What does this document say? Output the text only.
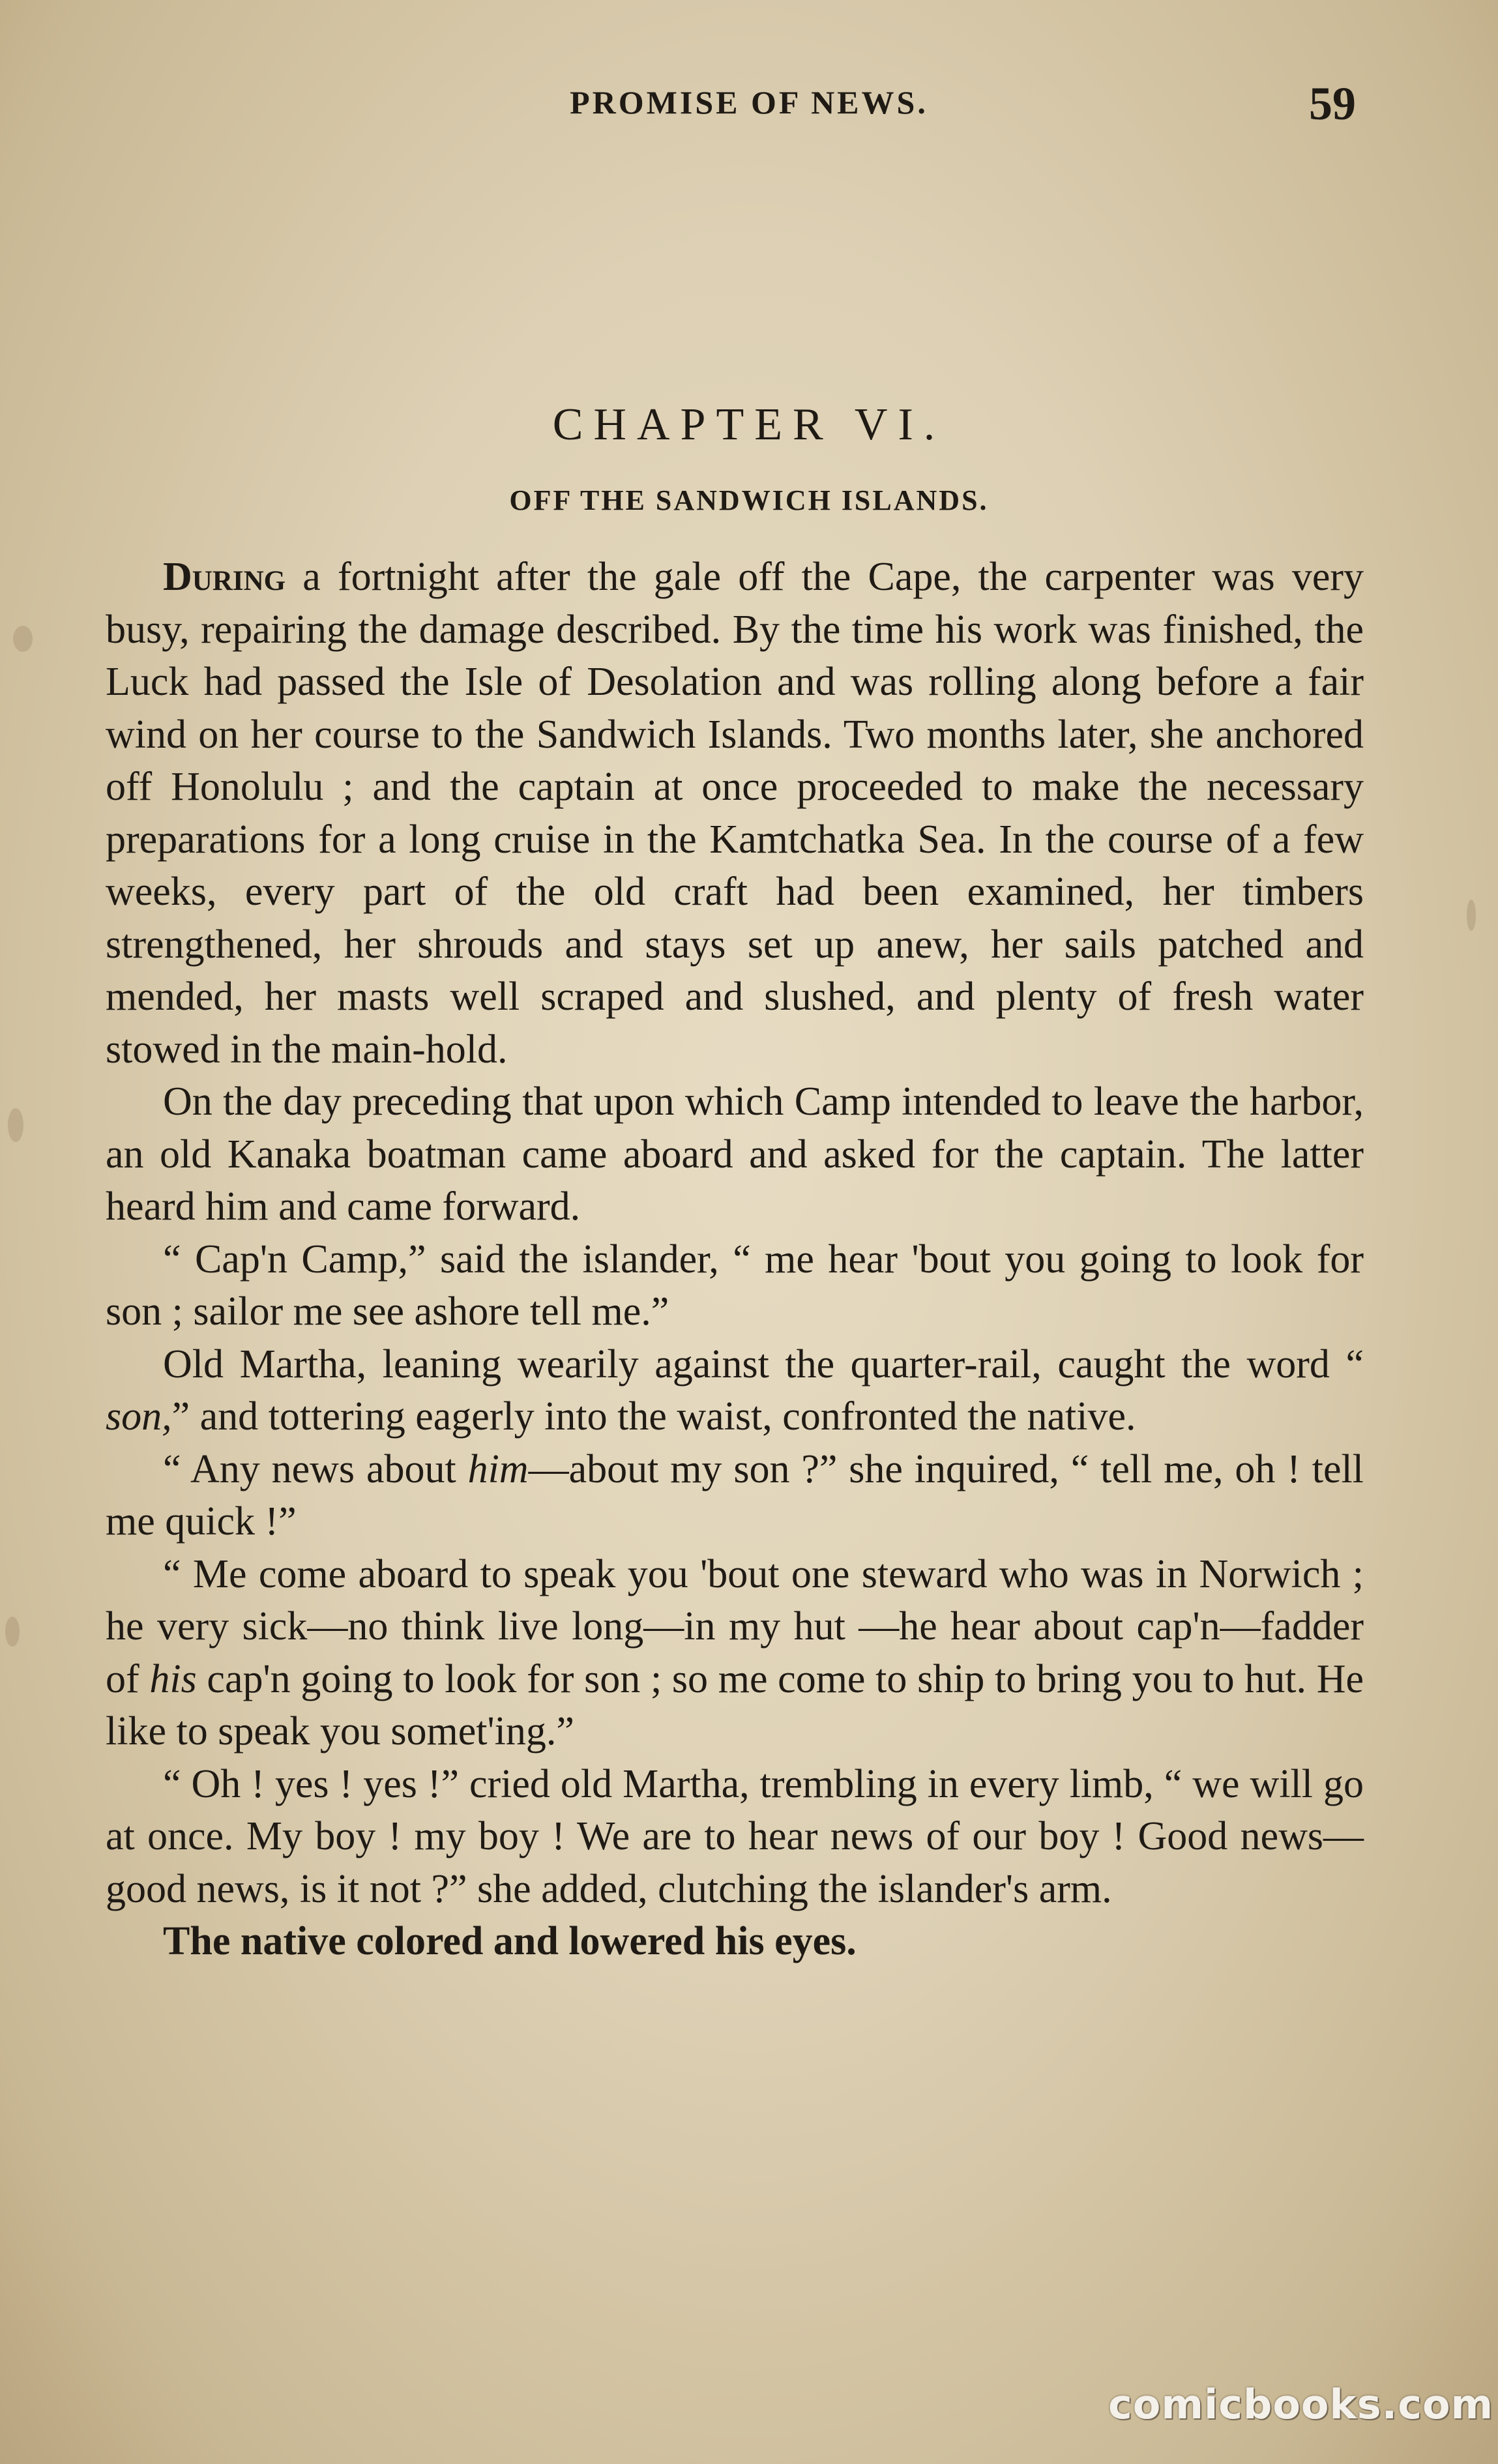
PROMISE OF NEWS.	59
CHAPTER VI.
OFF THE SANDWICH ISLANDS.

During a fortnight after the gale off the Cape, the carpenter was very busy, repairing the damage described. By the time his work was finished, the Luck had passed the Isle of Desolation and was rolling along before a fair wind on her course to the Sandwich Islands. Two months later, she anchored off Honolulu ; and the captain at once proceeded to make the necessary preparations for a long cruise in the Kamtchatka Sea. In the course of a few weeks, every part of the old craft had been examined, her timbers strengthened, her shrouds and stays set up anew, her sails patched and mended, her masts well scraped and slushed, and plenty of fresh water stowed in the main-hold.

On the day preceding that upon which Camp intended to leave the harbor, an old Kanaka boatman came aboard and asked for the captain. The latter heard him and came forward.

“ Cap'n Camp,” said the islander, “ me hear 'bout you going to look for son ; sailor me see ashore tell me.”

Old Martha, leaning wearily against the quarter-rail, caught the word “ son,” and tottering eagerly into the waist, confronted the native.

“ Any news about him—about my son ?” she inquired, “ tell me, oh ! tell me quick !”

“ Me come aboard to speak you 'bout one steward who was in Norwich ; he very sick—no think live long—in my hut —he hear about cap'n—fadder of his cap'n going to look for son ; so me come to ship to bring you to hut. He like to speak you somet'ing.”

“ Oh ! yes ! yes !” cried old Martha, trembling in every limb, “ we will go at once. My boy ! my boy ! We are to hear news of our boy ! Good news—good news, is it not ?” she added, clutching the islander's arm.

The native colored and lowered his eyes.

comicbooks.com
